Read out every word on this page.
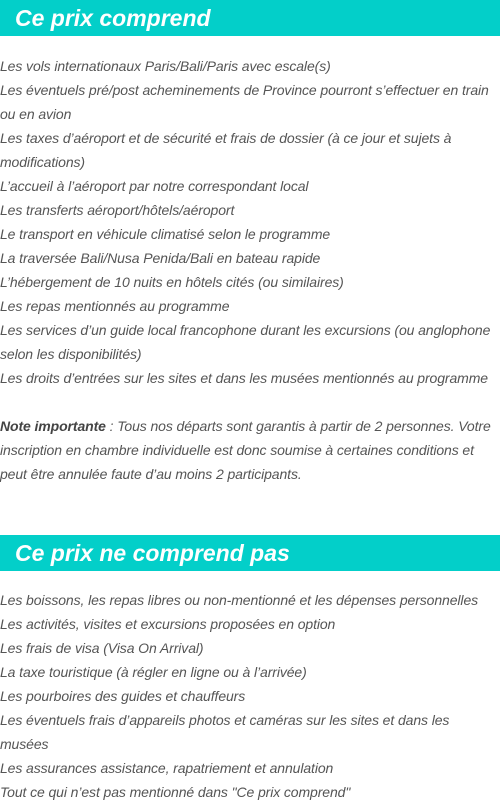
Ce prix comprend
Les vols internationaux Paris/Bali/Paris avec escale(s)
Les éventuels pré/post acheminements de Province pourront s’effectuer en train ou en avion
Les taxes d’aéroport et de sécurité et frais de dossier (à ce jour et sujets à modifications)
L’accueil à l’aéroport par notre correspondant local
Les transferts aéroport/hôtels/aéroport
Le transport en véhicule climatisé selon le programme
La traversée Bali/Nusa Penida/Bali en bateau rapide
L’hébergement de 10 nuits en hôtels cités (ou similaires)
Les repas mentionnés au programme
Les services d’un guide local francophone durant les excursions (ou anglophone selon les disponibilités)
Les droits d’entrées sur les sites et dans les musées mentionnés au programme

Note importante : Tous nos départs sont garantis à partir de 2 personnes. Votre inscription en chambre individuelle est donc soumise à certaines conditions et peut être annulée faute d’au moins 2 participants.

Ce prix ne comprend pas
Les boissons, les repas libres ou non-mentionné et les dépenses personnelles
Les activités, visites et excursions proposées en option
Les frais de visa (Visa On Arrival)
La taxe touristique (à régler en ligne ou à l’arrivée)
Les pourboires des guides et chauffeurs
Les éventuels frais d’appareils photos et caméras sur les sites et dans les musées
Les assurances assistance, rapatriement et annulation
Tout ce qui n’est pas mentionné dans "Ce prix comprend"
